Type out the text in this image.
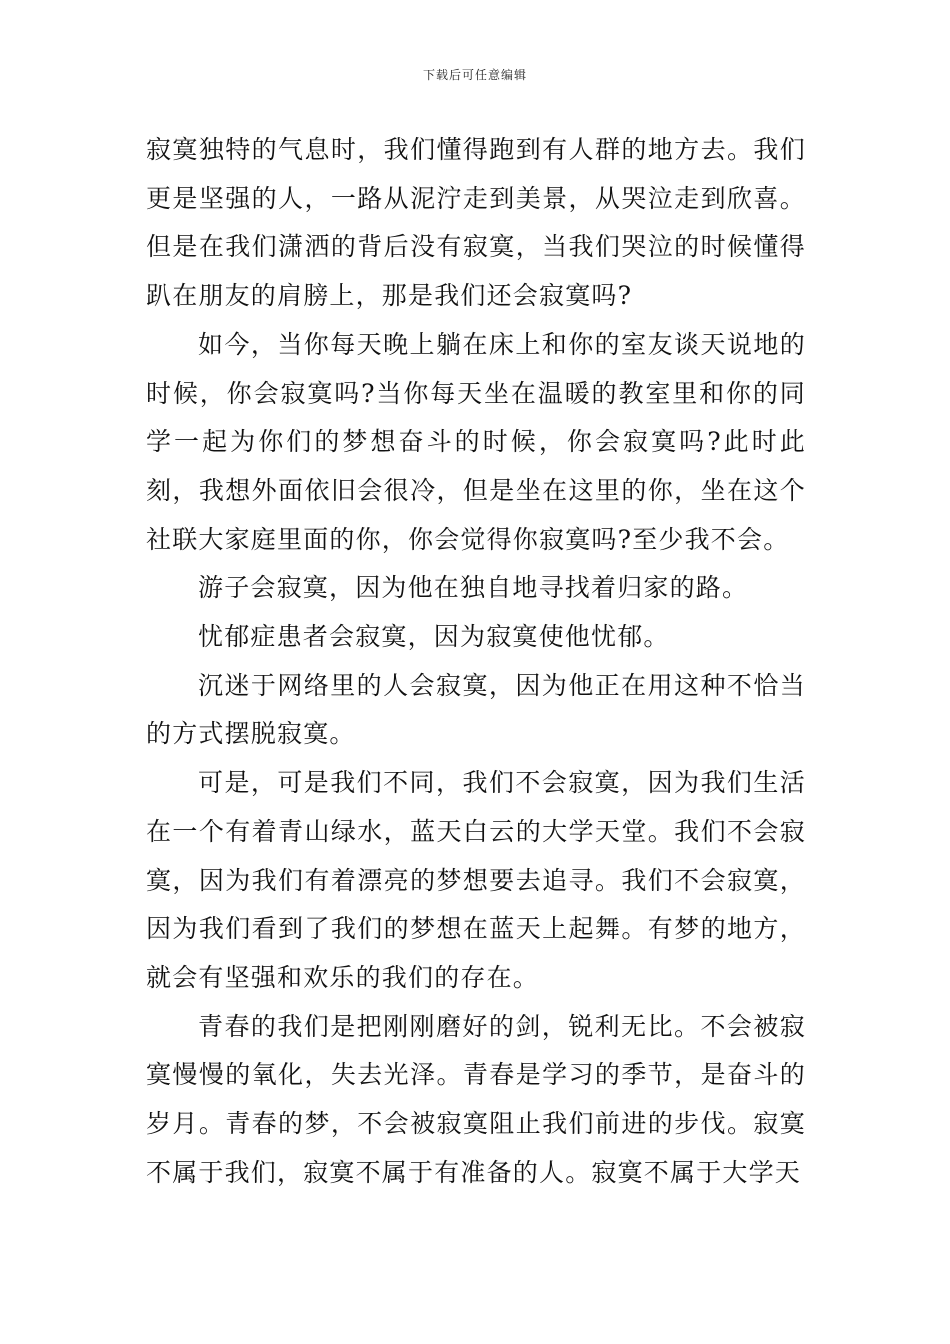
下载后可任意编辑

寂寞独特的气息时，我们懂得跑到有人群的地方去。我们更是坚强的人，一路从泥泞走到美景，从哭泣走到欣喜。但是在我们潇洒的背后没有寂寞，当我们哭泣的时候懂得趴在朋友的肩膀上，那是我们还会寂寞吗?

如今，当你每天晚上躺在床上和你的室友谈天说地的时候，你会寂寞吗?当你每天坐在温暖的教室里和你的同学一起为你们的梦想奋斗的时候，你会寂寞吗?此时此刻，我想外面依旧会很冷，但是坐在这里的你，坐在这个社联大家庭里面的你，你会觉得你寂寞吗?至少我不会。

游子会寂寞，因为他在独自地寻找着归家的路。

忧郁症患者会寂寞，因为寂寞使他忧郁。

沉迷于网络里的人会寂寞，因为他正在用这种不恰当的方式摆脱寂寞。

可是，可是我们不同，我们不会寂寞，因为我们生活在一个有着青山绿水，蓝天白云的大学天堂。我们不会寂寞，因为我们有着漂亮的梦想要去追寻。我们不会寂寞，因为我们看到了我们的梦想在蓝天上起舞。有梦的地方，就会有坚强和欢乐的我们的存在。

青春的我们是把刚刚磨好的剑，锐利无比。不会被寂寞慢慢的氧化，失去光泽。青春是学习的季节，是奋斗的岁月。青春的梦，不会被寂寞阻止我们前进的步伐。寂寞不属于我们，寂寞不属于有准备的人。寂寞不属于大学天
